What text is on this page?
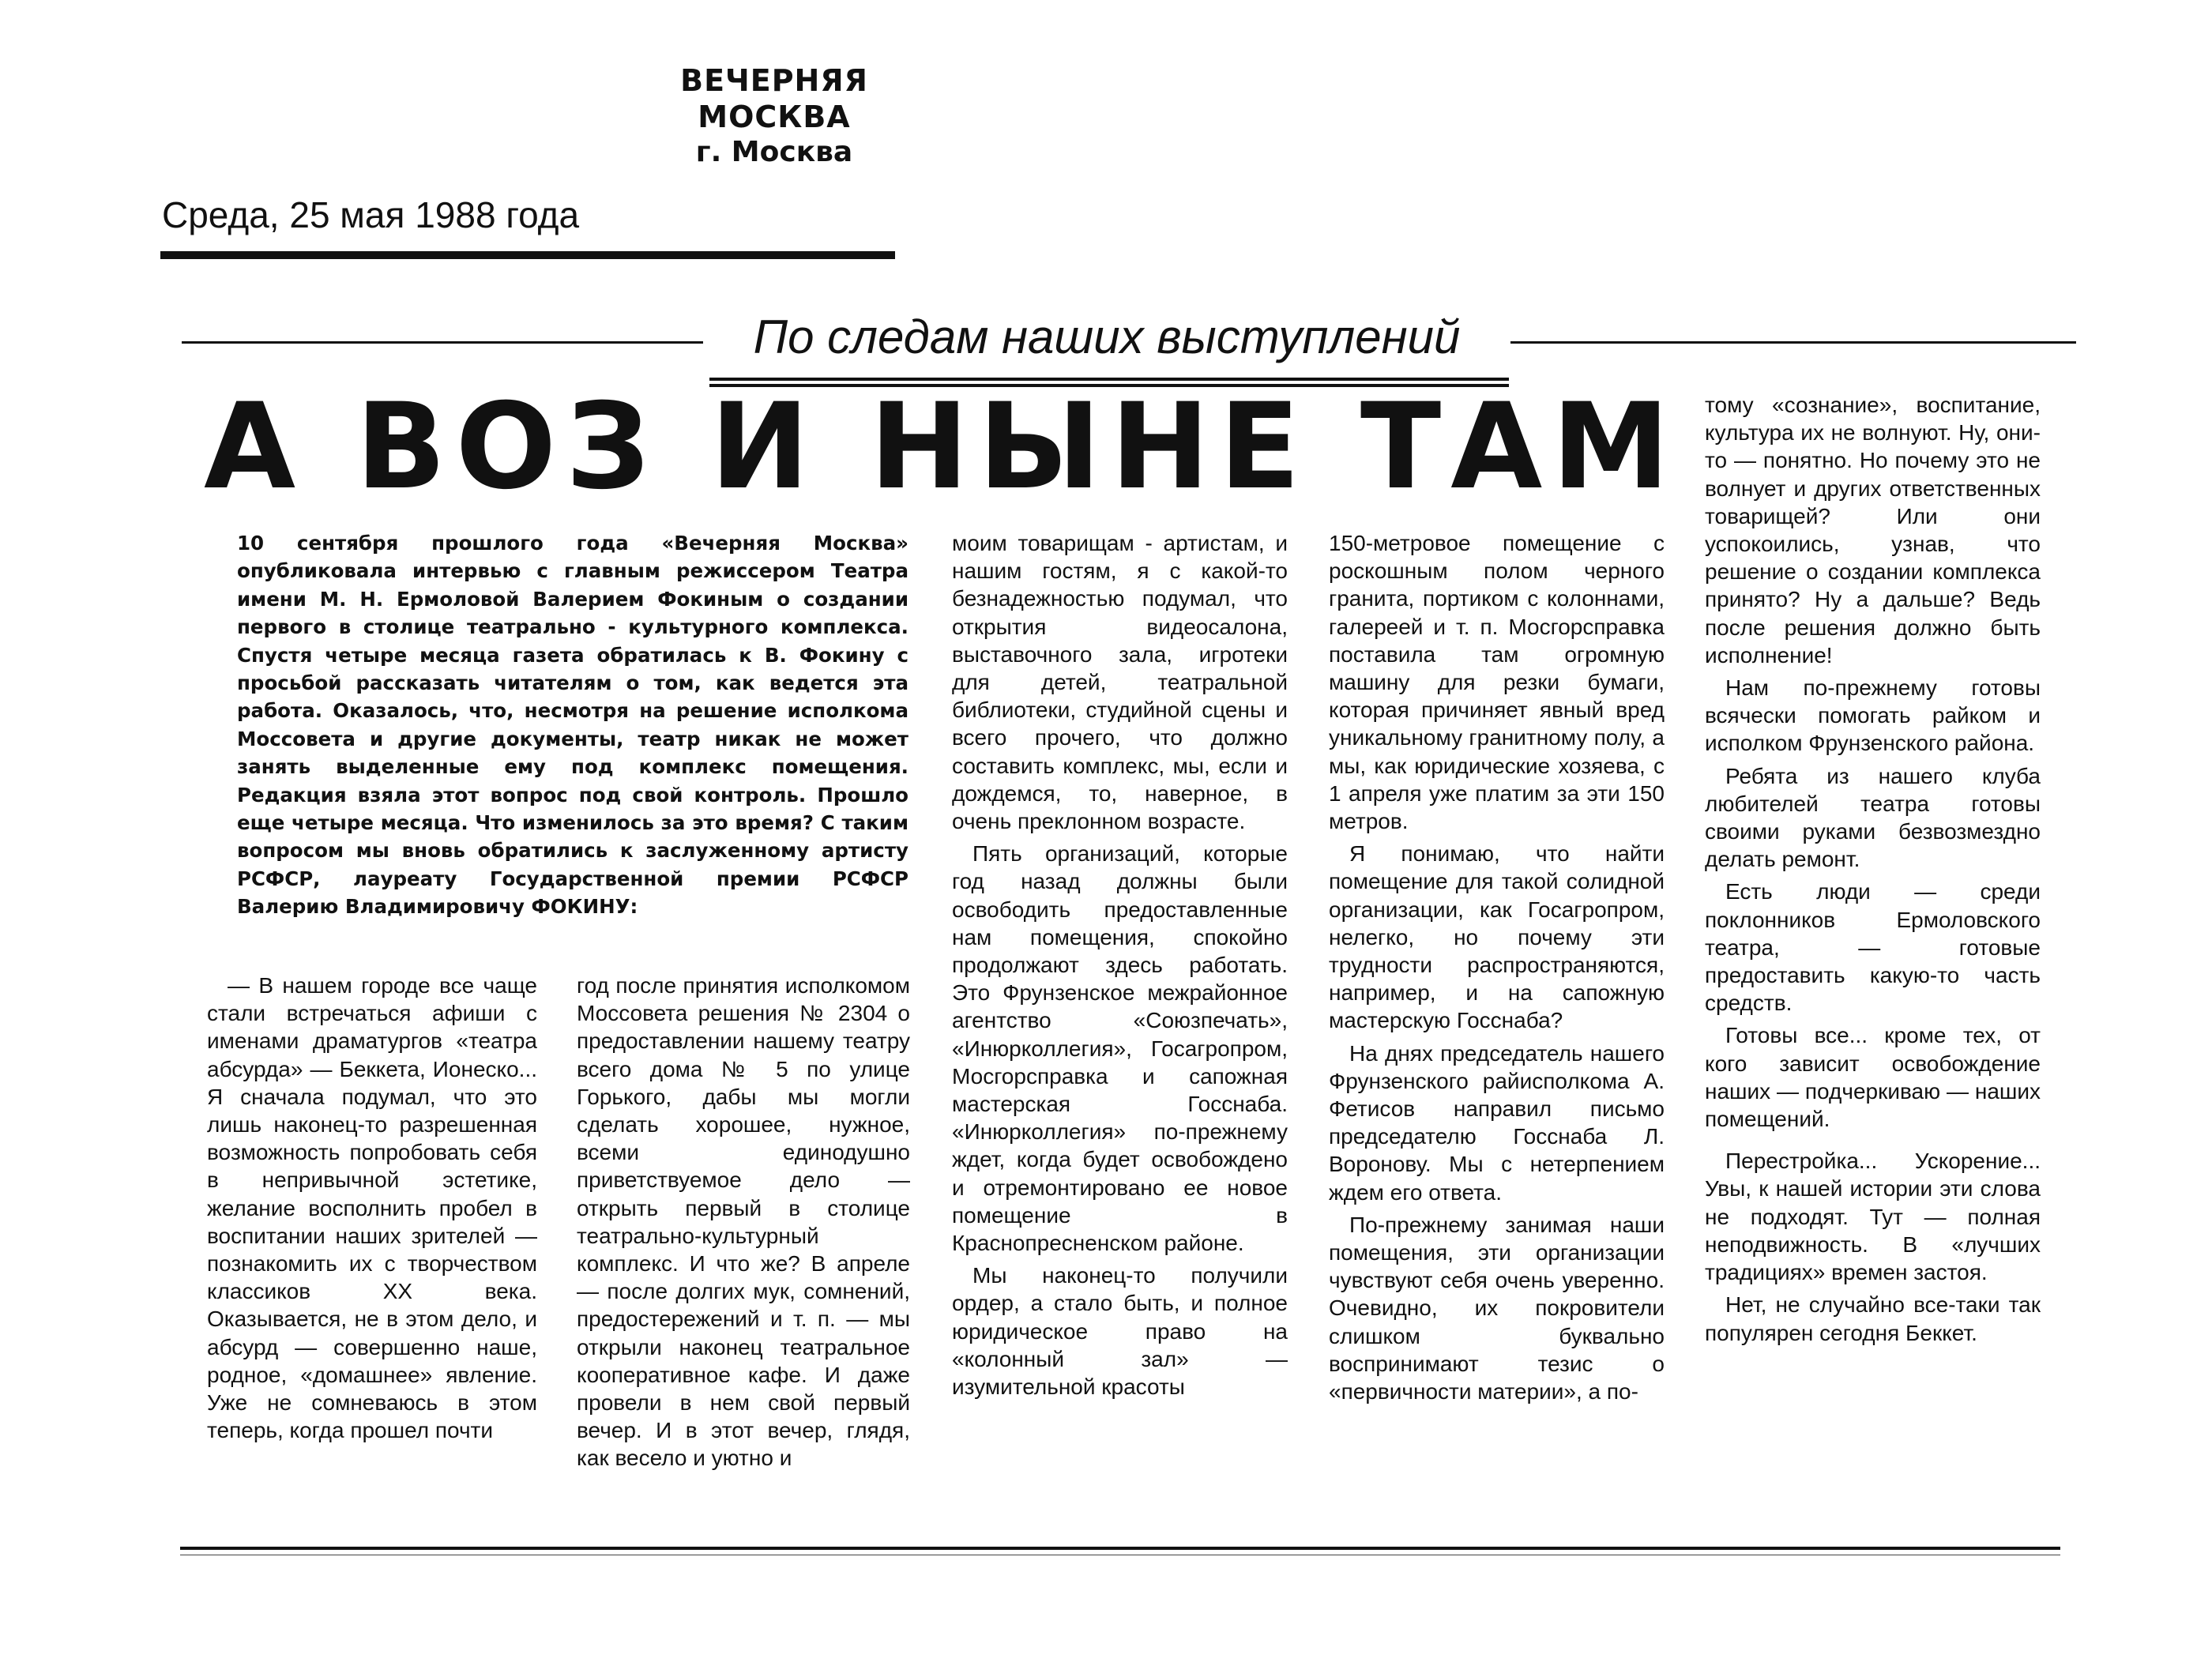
ВЕЧЕРНЯЯ МОСКВА
г. Москва
Среда, 25 мая 1988 года
По следам наших выступлений
А ВОЗ И НЫНЕ ТАМ
10 сентября прошлого года «Вечерняя Москва» опубликовала интервью с главным режиссером Театра имени М. Н. Ермоловой Валерием Фокиным о создании первого в столице театрально - культурного комплекса. Спустя четыре месяца газета обратилась к В. Фокину с просьбой рассказать читателям о том, как ведется эта работа. Оказалось, что, несмотря на решение исполкома Моссовета и другие документы, театр никак не может занять выделенные ему под комплекс помещения. Редакция взяла этот вопрос под свой контроль. Прошло еще четыре месяца. Что изменилось за это время? С таким вопросом мы вновь обратились к заслуженному артисту РСФСР, лауреату Государственной премии РСФСР Валерию Владимировичу ФОКИНУ:

— В нашем городе все чаще стали встречаться афиши с именами драматургов «театра абсурда» — Беккета, Ионеско... Я сначала подумал, что это лишь наконец-то разрешенная возможность попробовать себя в непривычной эстетике, желание восполнить пробел в воспитании наших зрителей — познакомить их с творчеством классиков XX века. Оказывается, не в этом дело, и абсурд — совершенно наше, родное, «домашнее» явление. Уже не сомневаюсь в этом теперь, когда прошел почти

год после принятия исполкомом Моссовета решения № 2304 о предоставлении нашему театру всего дома № 5 по улице Горького, дабы мы могли сделать хорошее, нужное, всеми единодушно приветствуемое дело — открыть первый в столице театрально-культурный комплекс. И что же? В апреле — после долгих мук, сомнений, предостережений и т. п. — мы открыли наконец театральное кооперативное кафе. И даже провели в нем свой первый вечер. И в этот вечер, глядя, как весело и уютно и

моим товарищам - артистам, и нашим гостям, я с какой-то безнадежностью подумал, что открытия видеосалона, выставочного зала, игротеки для детей, театральной библиотеки, студийной сцены и всего прочего, что должно составить комплекс, мы, если и дождемся, то, наверное, в очень преклонном возрасте.

Пять организаций, которые год назад должны были освободить предоставленные нам помещения, спокойно продолжают здесь работать. Это Фрунзенское межрайонное агентство «Союзпечать», «Инюрколлегия», Госагропром, Мосгорсправка и сапожная мастерская Госснаба. «Инюрколлегия» по-прежнему ждет, когда будет освобождено и отремонтировано ее новое помещение в Краснопресненском районе.

Мы наконец-то получили ордер, а стало быть, и полное юридическое право на «колонный зал» — изумительной красоты

150-метровое помещение с роскошным полом черного гранита, портиком с колоннами, галереей и т. п. Мосгорсправка поставила там огромную машину для резки бумаги, которая причиняет явный вред уникальному гранитному полу, а мы, как юридические хозяева, с 1 апреля уже платим за эти 150 метров.

Я понимаю, что найти помещение для такой солидной организации, как Госагропром, нелегко, но почему эти трудности распространяются, например, и на сапожную мастерскую Госснаба?

На днях председатель нашего Фрунзенского райисполкома А. Фетисов направил письмо председателю Госснаба Л. Воронову. Мы с нетерпением ждем его ответа.

По-прежнему занимая наши помещения, эти организации чувствуют себя очень уверенно. Очевидно, их покровители слишком буквально воспринимают тезис о «первичности материи», а по-

тому «сознание», воспитание, культура их не волнуют. Ну, они-то — понятно. Но почему это не волнует и других ответственных товарищей? Или они успокоились, узнав, что решение о создании комплекса принято? Ну а дальше? Ведь после решения должно быть исполнение!

Нам по-прежнему готовы всячески помогать райком и исполком Фрунзенского района.

Ребята из нашего клуба любителей театра готовы своими руками безвозмездно делать ремонт.

Есть люди — среди поклонников Ермоловского театра, — готовые предоставить какую-то часть средств.

Готовы все... кроме тех, от кого зависит освобождение наших — подчеркиваю — наших помещений.

Перестройка... Ускорение... Увы, к нашей истории эти слова не подходят. Тут — полная неподвижность. В «лучших традициях» времен застоя.

Нет, не случайно все-таки так популярен сегодня Беккет.
